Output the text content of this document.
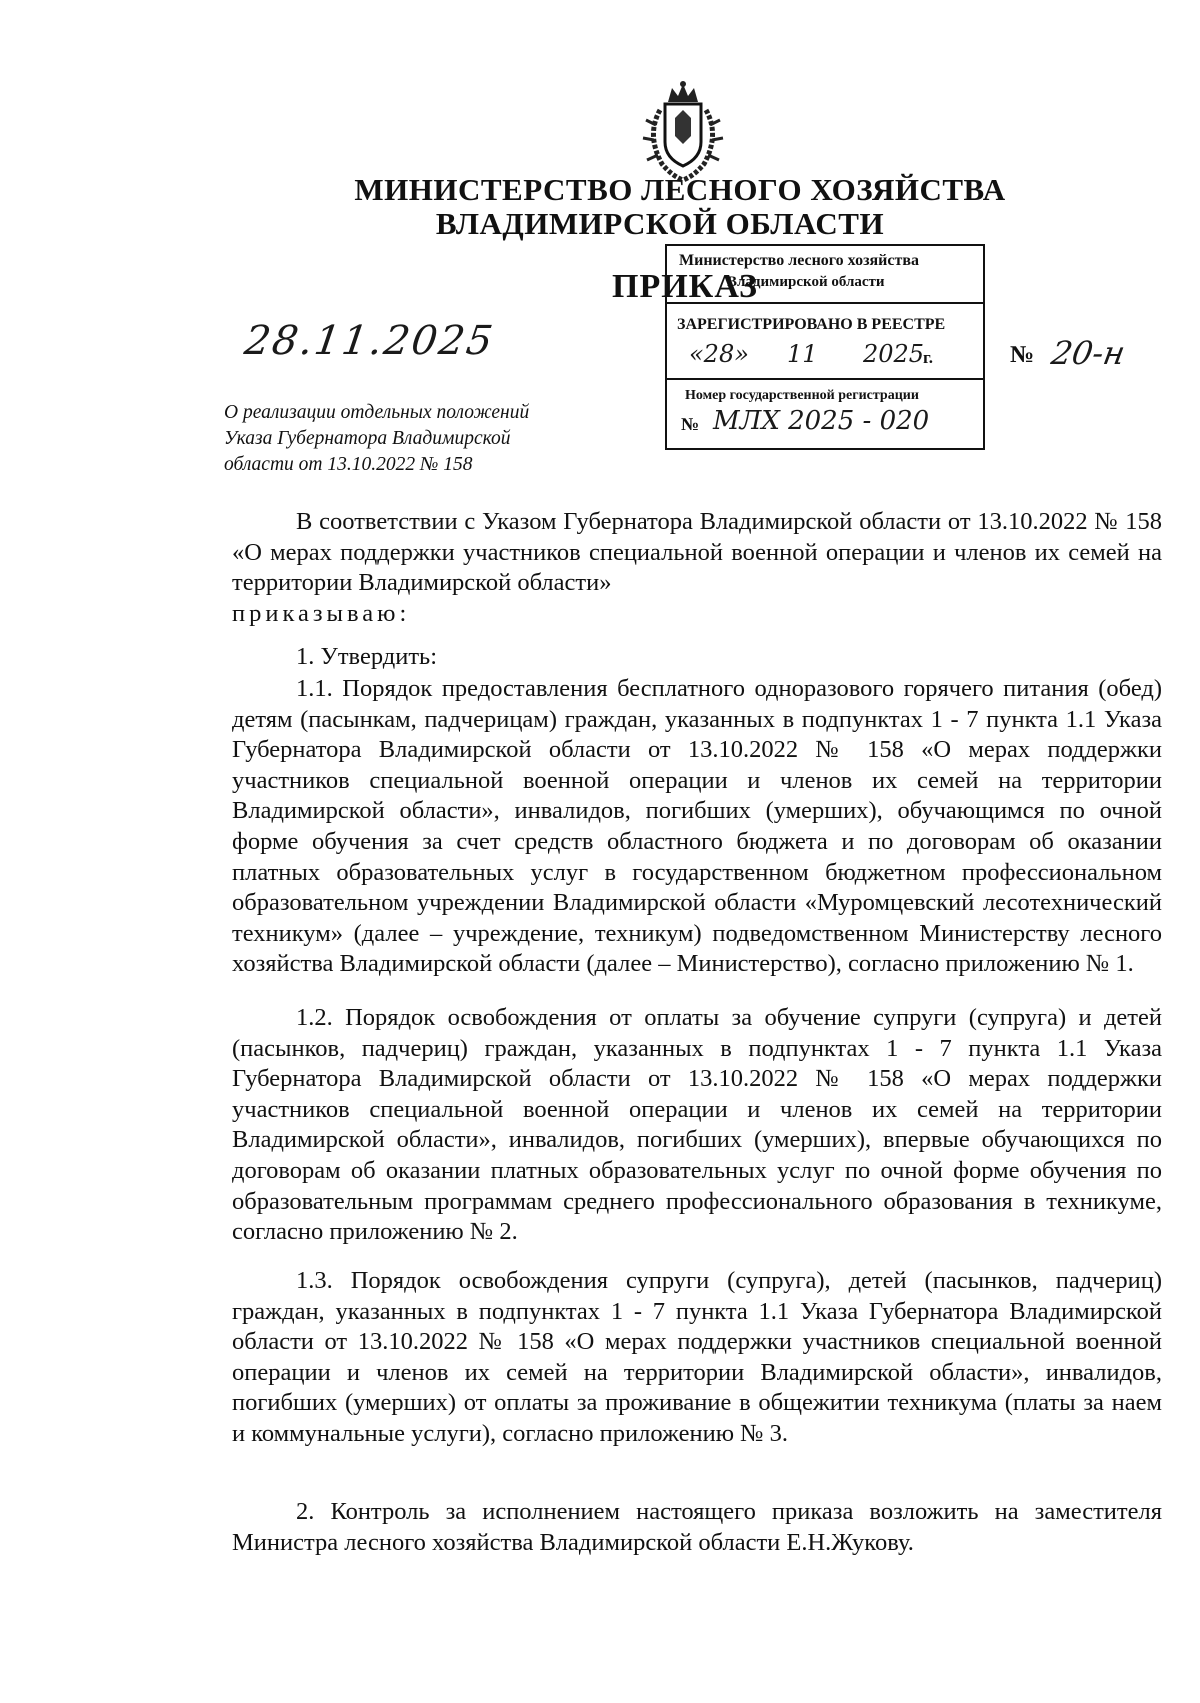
МИНИСТЕРСТВО ЛЕСНОГО ХОЗЯЙСТВА
ВЛАДИМИРСКОЙ ОБЛАСТИ
ПРИКАЗ
Министерство лесного хозяйства
Владимирской области
ЗАРЕГИСТРИРОВАНО В РЕЕСТРЕ
«28» 11 2025
г.
Номер государственной регистрации
№ МЛХ 2025 - 020
28.11.2025	№ 20-н
О реализации отдельных положений
Указа Губернатора Владимирской
области от 13.10.2022 № 158
В соответствии с Указом Губернатора Владимирской области от 13.10.2022 № 158 «О мерах поддержки участников специальной военной операции и членов их семей на территории Владимирской области»
приказываю:
1. Утвердить:
1.1. Порядок предоставления бесплатного одноразового горячего питания (обед) детям (пасынкам, падчерицам) граждан, указанных в подпунктах 1 - 7 пункта 1.1 Указа Губернатора Владимирской области от 13.10.2022 № 158 «О мерах поддержки участников специальной военной операции и членов их семей на территории Владимирской области», инвалидов, погибших (умерших), обучающимся по очной форме обучения за счет средств областного бюджета и по договорам об оказании платных образовательных услуг в государственном бюджетном профессиональном образовательном учреждении Владимирской области «Муромцевский лесотехнический техникум» (далее – учреждение, техникум) подведомственном Министерству лесного хозяйства Владимирской области (далее – Министерство), согласно приложению № 1.
1.2. Порядок освобождения от оплаты за обучение супруги (супруга) и детей (пасынков, падчериц) граждан, указанных в подпунктах 1 - 7 пункта 1.1 Указа Губернатора Владимирской области от 13.10.2022 № 158 «О мерах поддержки участников специальной военной операции и членов их семей на территории Владимирской области», инвалидов, погибших (умерших), впервые обучающихся по договорам об оказании платных образовательных услуг по очной форме обучения по образовательным программам среднего профессионального образования в техникуме, согласно приложению № 2.
1.3. Порядок освобождения супруги (супруга), детей (пасынков, падчериц) граждан, указанных в подпунктах 1 - 7 пункта 1.1 Указа Губернатора Владимирской области от 13.10.2022 № 158 «О мерах поддержки участников специальной военной операции и членов их семей на территории Владимирской области», инвалидов, погибших (умерших) от оплаты за проживание в общежитии техникума (платы за наем и коммунальные услуги), согласно приложению № 3.
2. Контроль за исполнением настоящего приказа возложить на заместителя Министра лесного хозяйства Владимирской области Е.Н.Жукову.
